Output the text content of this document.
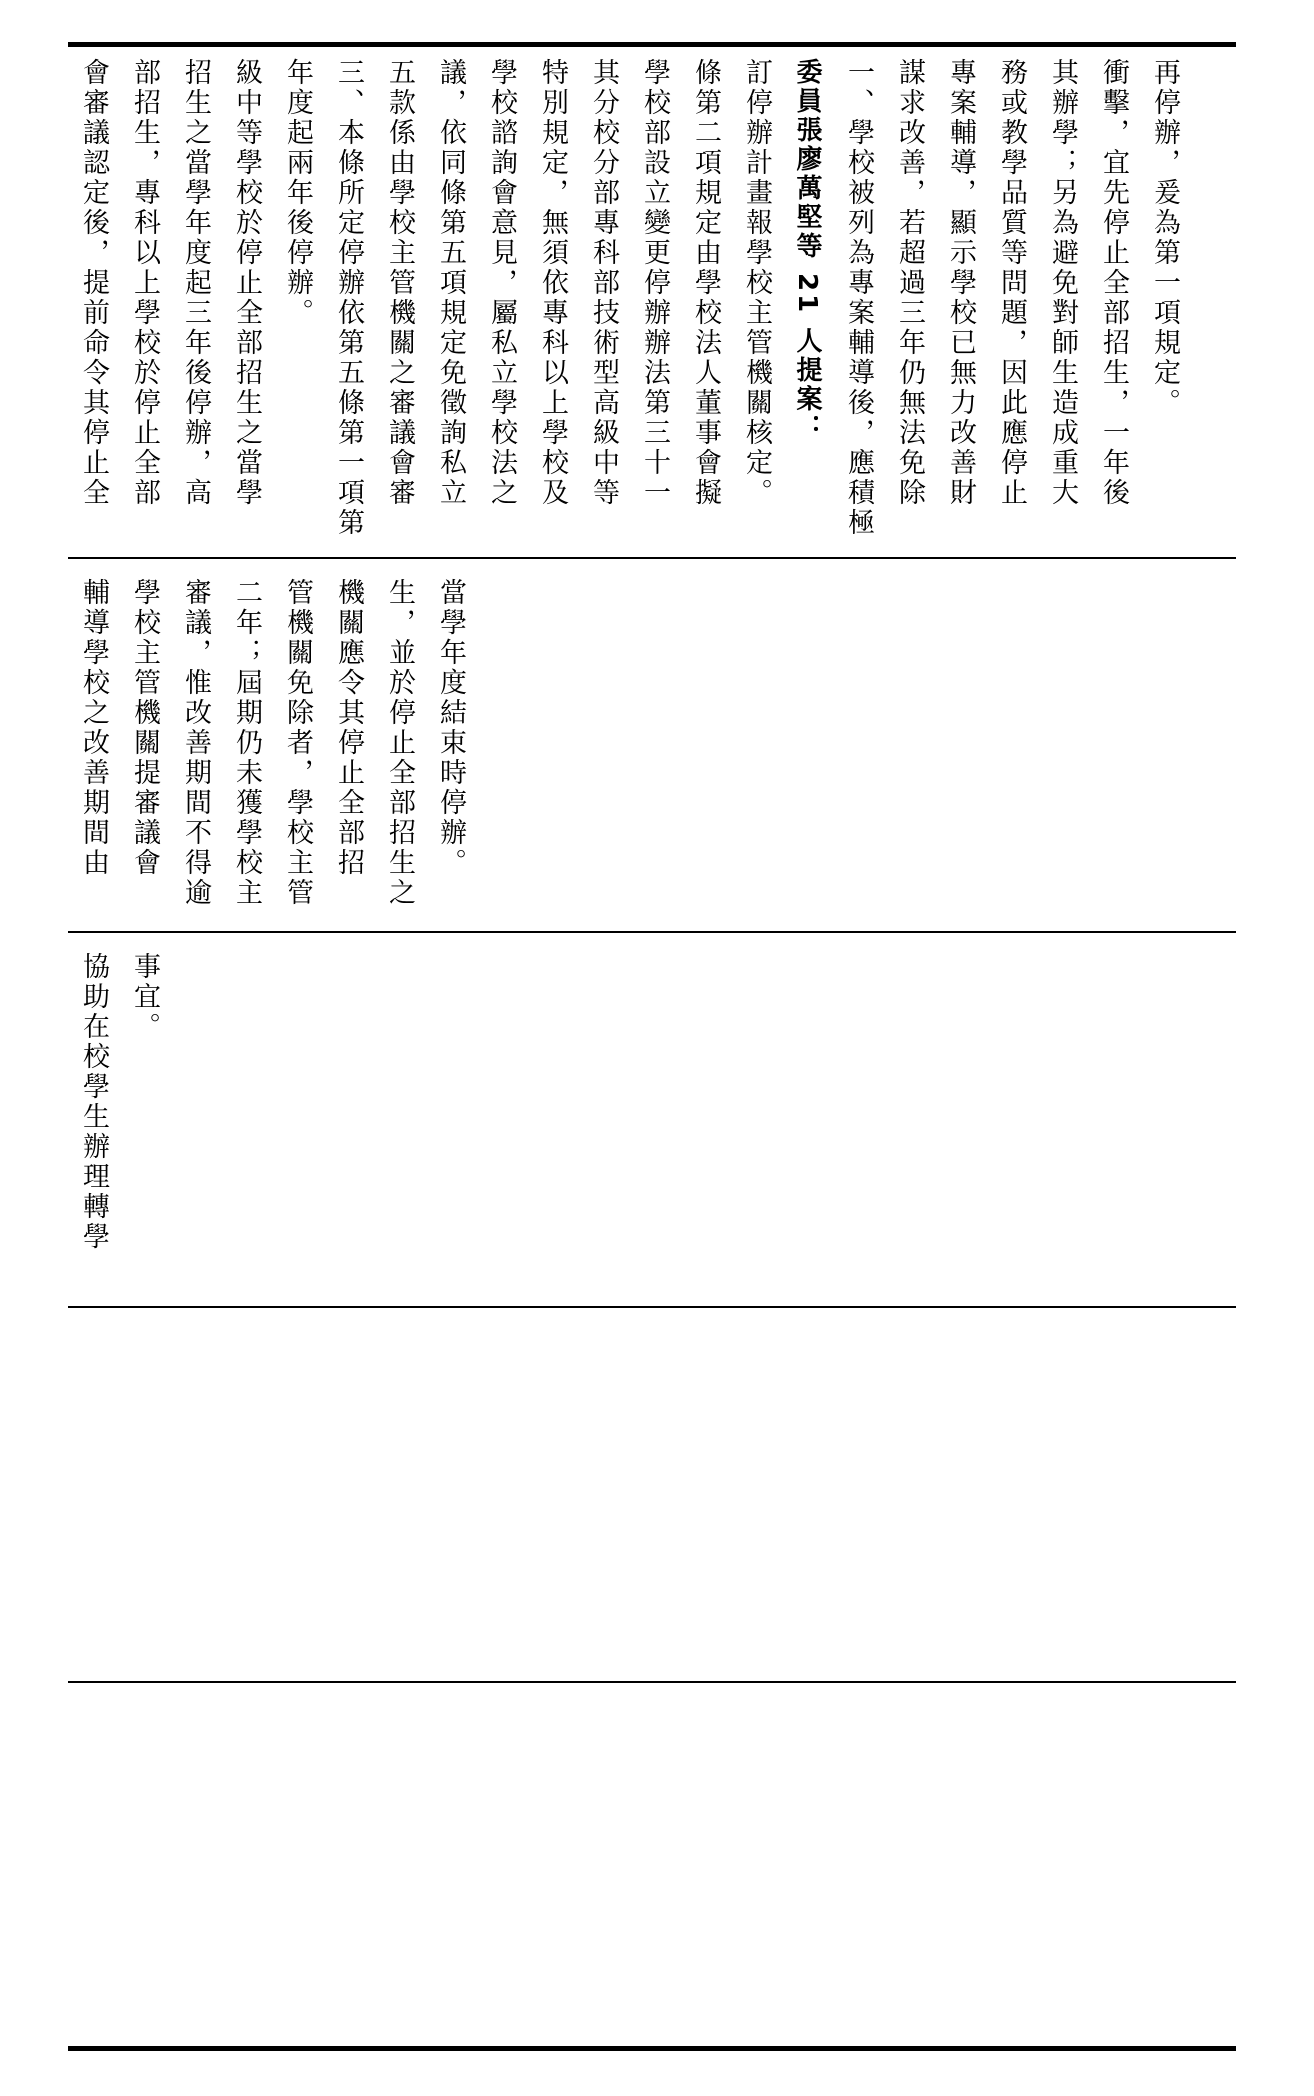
會審議認定後，提前命令其停止全 部招生，專科以上學校於停止全部 招生之當學年度起三年後停辦，高 級中等學校於停止全部招生之當學 年度起兩年後停辦。 三、本條所定停辦依第五條第一項第 五款係由學校主管機關之審議會審 議，依同條第五項規定免徵詢私立 學校諮詢會意見，屬私立學校法之 特別規定，無須依專科以上學校及 其分校分部專科部技術型高級中等 學校部設立變更停辦辦法第三十一 條第二項規定由學校法人董事會擬 訂停辦計畫報學校主管機關核定。 委員張廖萬堅等 21 人提案： 一、學校被列為專案輔導後，應積極 謀求改善，若超過三年仍無法免除 專案輔導，顯示學校已無力改善財 務或教學品質等問題，因此應停止 其辦學；另為避免對師生造成重大 衝擊，宜先停止全部招生，一年後 再停辦，爰為第一項規定。
輔導學校之改善期間由 學校主管機關提審議會 審議，惟改善期間不得逾 二年；屆期仍未獲學校主 管機關免除者，學校主管 機關應令其停止全部招 生，並於停止全部招生之 當學年度結束時停辦。
協助在校學生辦理轉學 事宜。
